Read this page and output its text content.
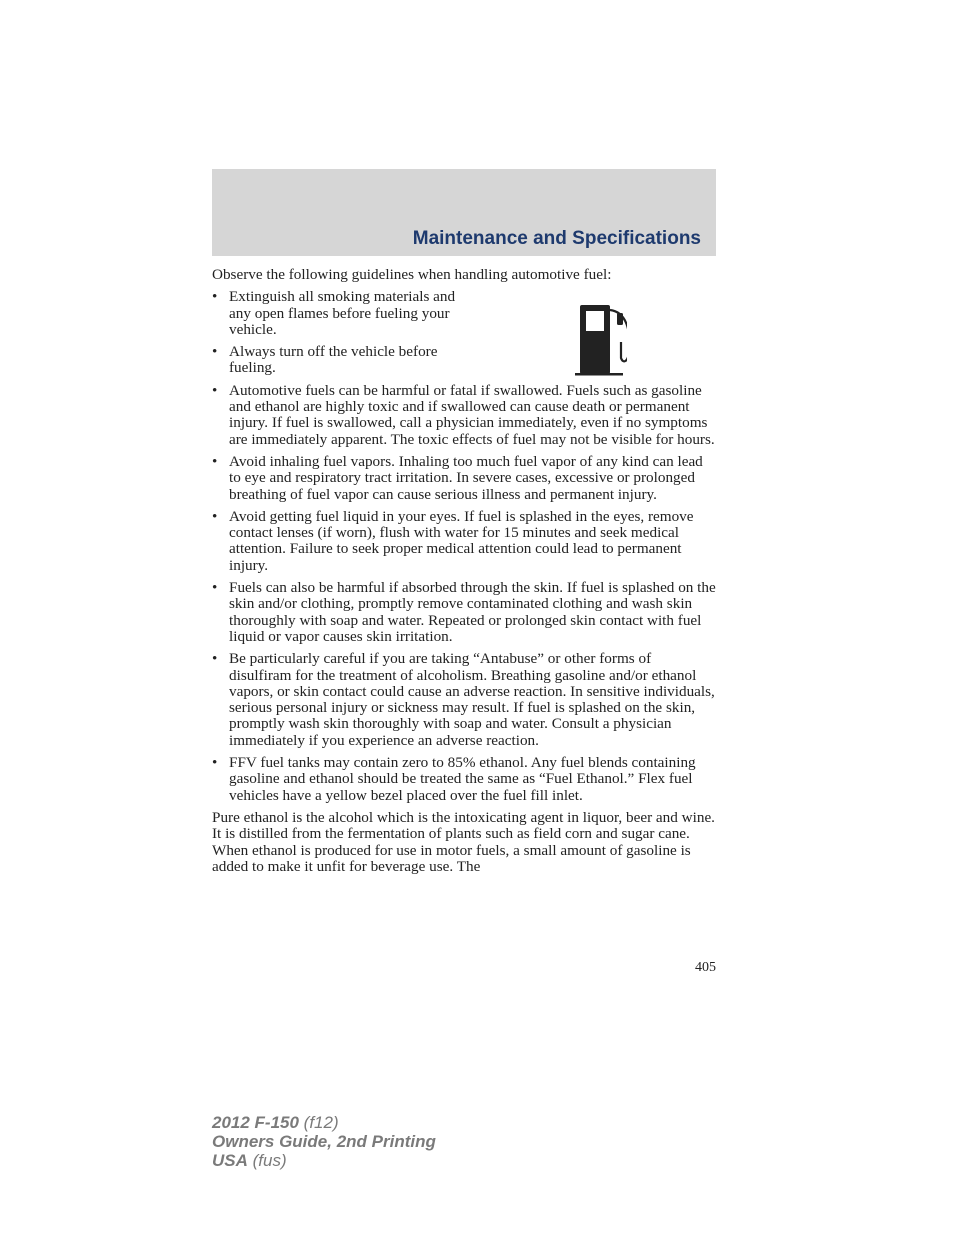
Maintenance and Specifications

Observe the following guidelines when handling automotive fuel:

• Extinguish all smoking materials and any open flames before fueling your vehicle.
• Always turn off the vehicle before fueling.
• Automotive fuels can be harmful or fatal if swallowed. Fuels such as gasoline and ethanol are highly toxic and if swallowed can cause death or permanent injury. If fuel is swallowed, call a physician immediately, even if no symptoms are immediately apparent. The toxic effects of fuel may not be visible for hours.
• Avoid inhaling fuel vapors. Inhaling too much fuel vapor of any kind can lead to eye and respiratory tract irritation. In severe cases, excessive or prolonged breathing of fuel vapor can cause serious illness and permanent injury.
• Avoid getting fuel liquid in your eyes. If fuel is splashed in the eyes, remove contact lenses (if worn), flush with water for 15 minutes and seek medical attention. Failure to seek proper medical attention could lead to permanent injury.
• Fuels can also be harmful if absorbed through the skin. If fuel is splashed on the skin and/or clothing, promptly remove contaminated clothing and wash skin thoroughly with soap and water. Repeated or prolonged skin contact with fuel liquid or vapor causes skin irritation.
• Be particularly careful if you are taking “Antabuse” or other forms of disulfiram for the treatment of alcoholism. Breathing gasoline and/or ethanol vapors, or skin contact could cause an adverse reaction. In sensitive individuals, serious personal injury or sickness may result. If fuel is splashed on the skin, promptly wash skin thoroughly with soap and water. Consult a physician immediately if you experience an adverse reaction.
• FFV fuel tanks may contain zero to 85% ethanol. Any fuel blends containing gasoline and ethanol should be treated the same as “Fuel Ethanol.” Flex fuel vehicles have a yellow bezel placed over the fuel fill inlet.

Pure ethanol is the alcohol which is the intoxicating agent in liquor, beer and wine. It is distilled from the fermentation of plants such as field corn and sugar cane. When ethanol is produced for use in motor fuels, a small amount of gasoline is added to make it unfit for beverage use. The

405
2012 F-150 (f12)
Owners Guide, 2nd Printing
USA (fus)
